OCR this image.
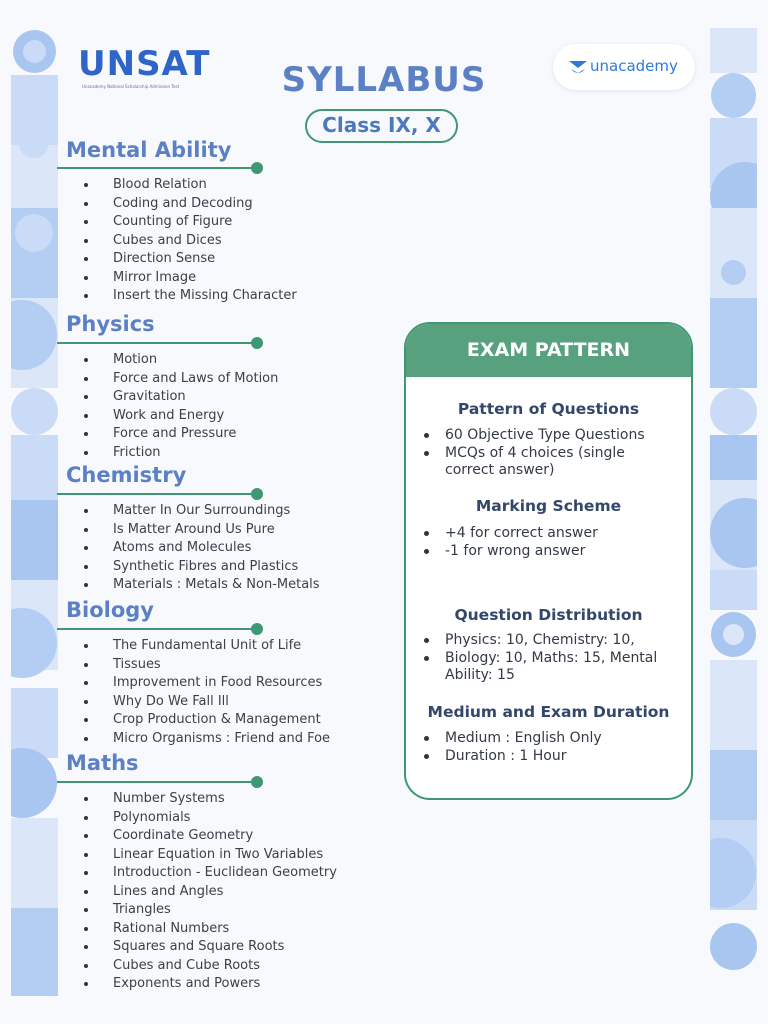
UNSAT
Unacademy National Scholarship Admission Test
unacademy
SYLLABUS
Class IX, X
Mental Ability
Blood Relation
Coding and Decoding
Counting of Figure
Cubes and Dices
Direction Sense
Mirror Image
Insert the Missing Character
Physics
Motion
Force and Laws of Motion
Gravitation
Work and Energy
Force and Pressure
Friction
Chemistry
Matter In Our Surroundings
Is Matter Around Us Pure
Atoms and Molecules
Synthetic Fibres and Plastics
Materials : Metals & Non-Metals
Biology
The Fundamental Unit of Life
Tissues
Improvement in Food Resources
Why Do We Fall Ill
Crop Production & Management
Micro Organisms : Friend and Foe
Maths
Number Systems
Polynomials
Coordinate Geometry
Linear Equation in Two Variables
Introduction - Euclidean Geometry
Lines and Angles
Triangles
Rational Numbers
Squares and Square Roots
Cubes and Cube Roots
Exponents and Powers
EXAM PATTERN
Pattern of Questions
60 Objective Type Questions
MCQs of 4 choices (single correct answer)
Marking Scheme
+4 for correct answer
-1 for wrong answer
Question Distribution
Physics: 10, Chemistry: 10,
Biology: 10, Maths: 15, Mental Ability: 15
Medium and Exam Duration
Medium : English Only
Duration : 1 Hour
